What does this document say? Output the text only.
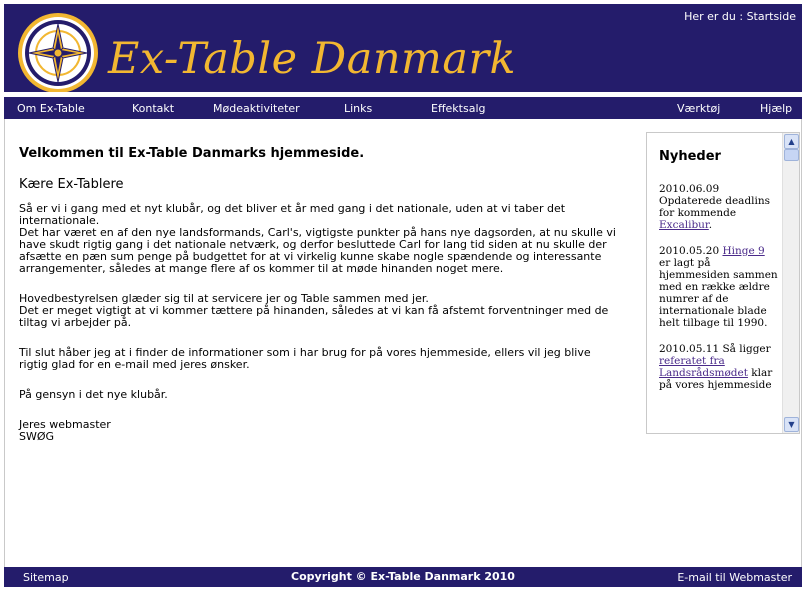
Ex-Table Danmark
Her er du : Startside
Om Ex-Table	Kontakt	Mødeaktiviteter	Links	Effektsalg	Værktøj	Hjælp
Velkommen til Ex-Table Danmarks hjemmeside.
Kære Ex-Tablere
Så er vi i gang med et nyt klubår, og det bliver et år med gang i det nationale, uden at vi taber det internationale.
Det har været en af den nye landsformands, Carl's, vigtigste punkter på hans nye dagsorden, at nu skulle vi have skudt rigtig gang i det nationale netværk, og derfor besluttede Carl for lang tid siden at nu skulle der afsætte en pæn sum penge på budgettet for at vi virkelig kunne skabe nogle spændende og interessante arrangementer, således at mange flere af os kommer til at møde hinanden noget mere.
Hovedbestyrelsen glæder sig til at servicere jer og Table sammen med jer.
Det er meget vigtigt at vi kommer tættere på hinanden, således at vi kan få afstemt forventninger med de tiltag vi arbejder på.
Til slut håber jeg at i finder de informationer som i har brug for på vores hjemmeside, ellers vil jeg blive rigtig glad for en e-mail med jeres ønsker.
På gensyn i det nye klubår.
Jeres webmaster
SWØG
Nyheder
2010.06.09
Opdaterede deadlins for kommende Excalibur.
2010.05.20 Hinge 9 er lagt på hjemmesiden sammen med en række ældre numrer af de internationale blade helt tilbage til 1990.
2010.05.11 Så ligger referatet fra Landsrådsmødet klar på vores hjemmeside
▲
▼
Sitemap	Copyright © Ex-Table Danmark 2010	E-mail til Webmaster
